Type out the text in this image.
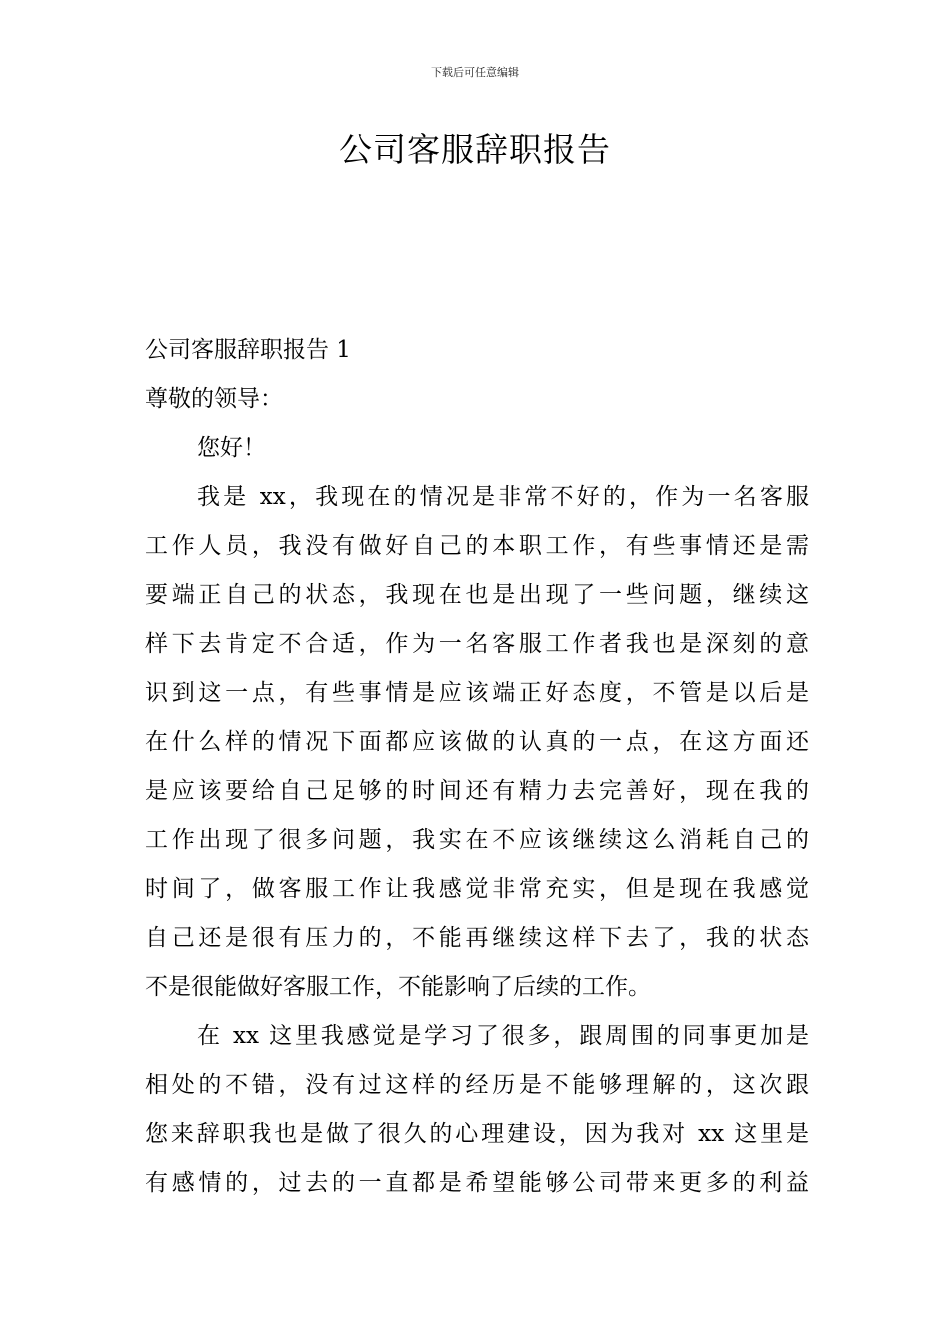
下载后可任意编辑
公司客服辞职报告
公司客服辞职报告 1
尊敬的领导：
您好！
我是 xx，我现在的情况是非常不好的，作为一名客服
工作人员，我没有做好自己的本职工作，有些事情还是需
要端正自己的状态，我现在也是出现了一些问题，继续这
样下去肯定不合适，作为一名客服工作者我也是深刻的意
识到这一点，有些事情是应该端正好态度，不管是以后是
在什么样的情况下面都应该做的认真的一点，在这方面还
是应该要给自己足够的时间还有精力去完善好，现在我的
工作出现了很多问题，我实在不应该继续这么消耗自己的
时间了，做客服工作让我感觉非常充实，但是现在我感觉
自己还是很有压力的，不能再继续这样下去了，我的状态
不是很能做好客服工作，不能影响了后续的工作。
在 xx 这里我感觉是学习了很多，跟周围的同事更加是
相处的不错，没有过这样的经历是不能够理解的，这次跟
您来辞职我也是做了很久的心理建设，因为我对 xx 这里是
有感情的，过去的一直都是希望能够公司带来更多的利益
